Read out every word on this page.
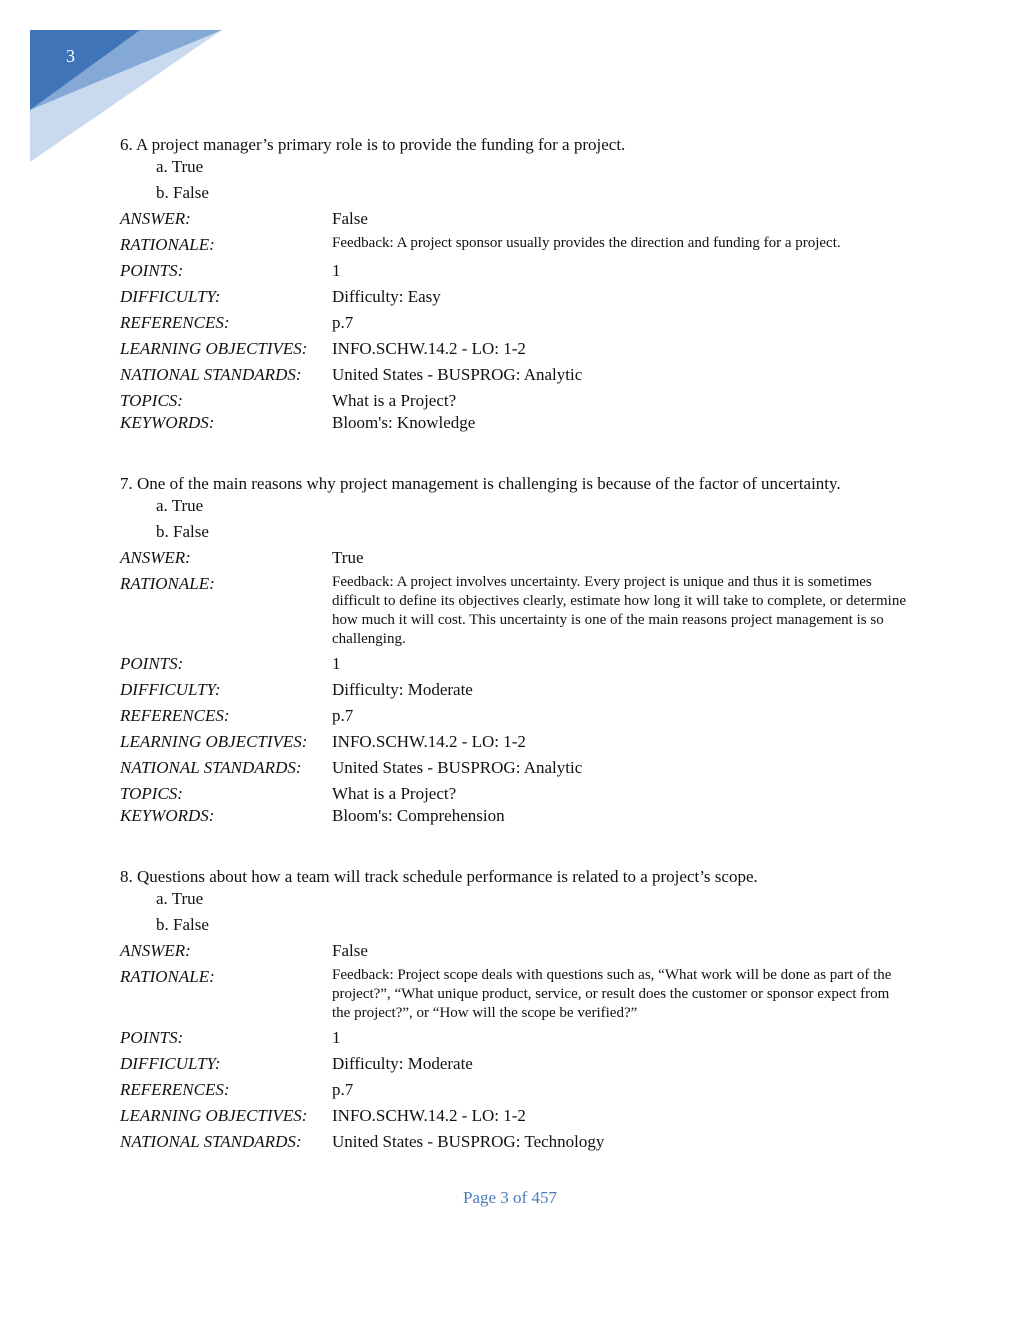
3
6. A project manager’s primary role is to provide the funding for a project.
a. True
b. False
ANSWER:	False
RATIONALE:	Feedback: A project sponsor usually provides the direction and funding for a project.
POINTS:	1
DIFFICULTY:	Difficulty: Easy
REFERENCES:	p.7
LEARNING OBJECTIVES:	INFO.SCHW.14.2 - LO: 1-2
NATIONAL STANDARDS:	United States - BUSPROG: Analytic
TOPICS:	What is a Project?
KEYWORDS:	Bloom's: Knowledge
7. One of the main reasons why project management is challenging is because of the factor of uncertainty.
a. True
b. False
ANSWER:	True
RATIONALE:	Feedback: A project involves uncertainty. Every project is unique and thus it is sometimes difficult to define its objectives clearly, estimate how long it will take to complete, or determine how much it will cost. This uncertainty is one of the main reasons project management is so challenging.
POINTS:	1
DIFFICULTY:	Difficulty: Moderate
REFERENCES:	p.7
LEARNING OBJECTIVES:	INFO.SCHW.14.2 - LO: 1-2
NATIONAL STANDARDS:	United States - BUSPROG: Analytic
TOPICS:	What is a Project?
KEYWORDS:	Bloom's: Comprehension
8. Questions about how a team will track schedule performance is related to a project’s scope.
a. True
b. False
ANSWER:	False
RATIONALE:	Feedback: Project scope deals with questions such as, “What work will be done as part of the project?”, “What unique product, service, or result does the customer or sponsor expect from the project?”, or “How will the scope be verified?”
POINTS:	1
DIFFICULTY:	Difficulty: Moderate
REFERENCES:	p.7
LEARNING OBJECTIVES:	INFO.SCHW.14.2 - LO: 1-2
NATIONAL STANDARDS:	United States - BUSPROG: Technology
Page 3 of 457
